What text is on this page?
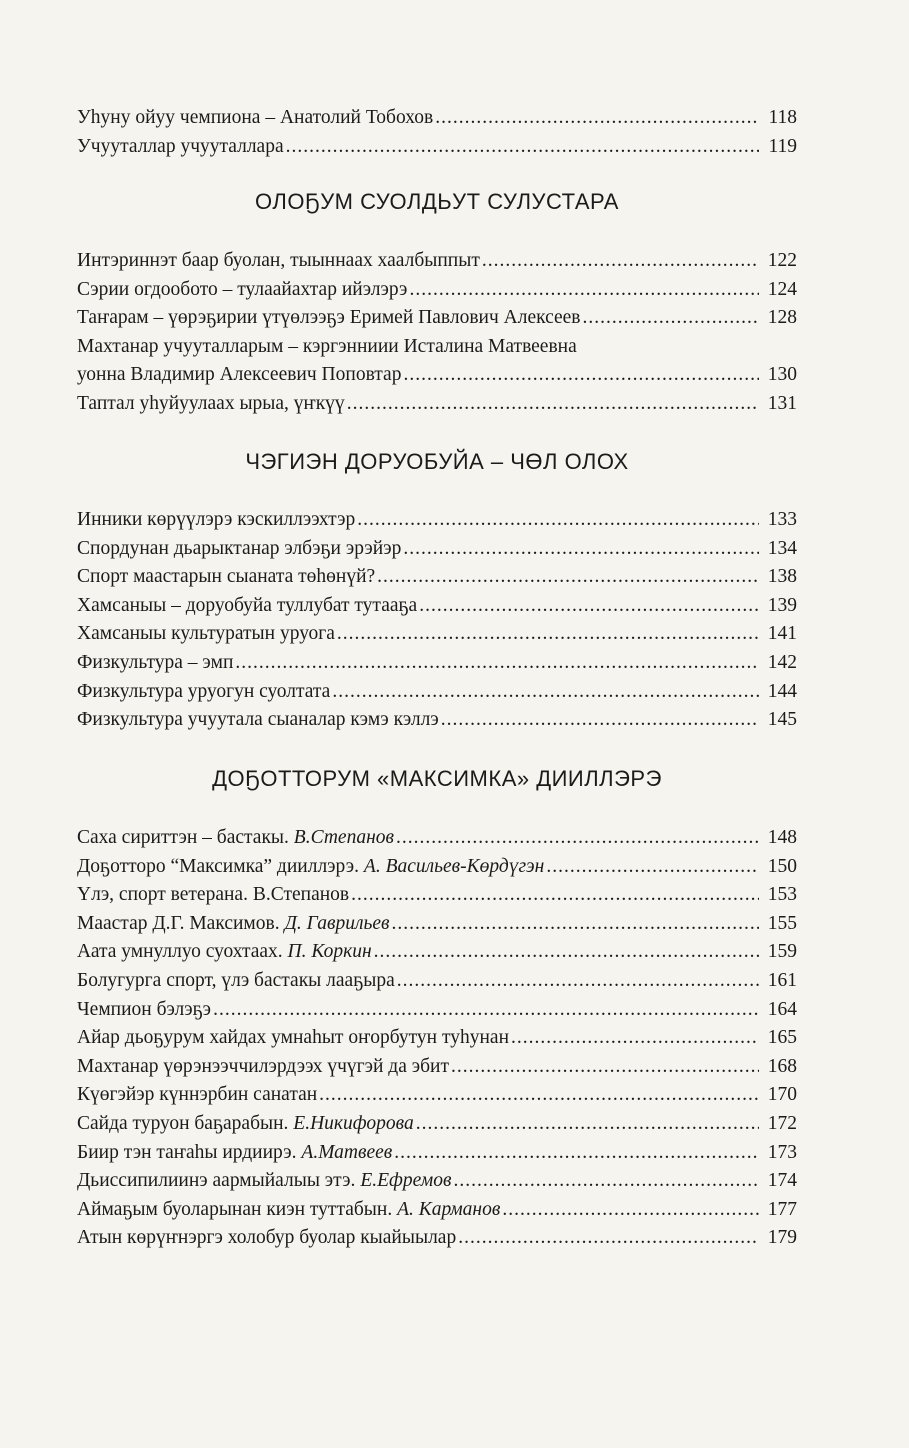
Уһуну ойуу чемпиона – Анатолий Тобохов .....	118
Учууталлар учууталлара .....	119
ОЛОҔУМ СУОЛДЬУТ СУЛУСТАРА
Интэриннэт баар буолан, тыыннаах хаалбыппыт .....	122
Сэрии огдообото – тулаайахтар ийэлэрэ .....	124
Таҥарам – үөрэҕирии үтүөлээҕэ Еримей Павлович Алексеев .....	128
Махтанар учууталларым – кэргэнниии Исталина Матвеевна
уонна Владимир Алексеевич Поповтар .....	130
Таптал уһуйуулаах ырыа, үҥкүү .....	131
ЧЭГИЭН ДОРУОБУЙА – ЧӨЛ ОЛОХ
Инники көрүүлэрэ кэскиллээхтэр .....	133
Спордунан дьарыктанар элбэҕи эрэйэр .....	134
Спорт маастарын сыаната төһөнүй? .....	138
Хамсаныы – доруобуйа туллубат тутааҕа .....	139
Хамсаныы культуратын уруога .....	141
Физкультура – эмп .....	142
Физкультура уруогун суолтата .....	144
Физкультура учуутала сыаналар кэмэ кэллэ .....	145
ДОҔОТТОРУМ «МАКСИМКА» ДИИЛЛЭРЭ
Саха сириттэн – бастакы. В.Степанов .....	148
Доҕотторо “Максимка” дииллэрэ. А. Васильев-Көрдүгэн .....	150
Үлэ, спорт ветерана. В.Степанов .....	153
Маастар Д.Г. Максимов. Д. Гаврильев .....	155
Аата умнуллуо суохтаах. П. Коркин .....	159
Болугурга спорт, үлэ бастакы лааҕыра .....	161
Чемпион бэлэҕэ .....	164
Айар дьоҕурум хайдах умнаһыт оҥорбутун туһунан .....	165
Махтанар үөрэнээччилэрдээх үчүгэй да эбит .....	168
Күөгэйэр күннэрбин санатан .....	170
Сайда туруон баҕарабын. Е.Никифорова .....	172
Биир тэн таҥаһы ирдиирэ. А.Матвеев .....	173
Дьиссипилиинэ аармыйалыы этэ. Е.Ефремов .....	174
Аймаҕым буоларынан киэн туттабын. А. Карманов .....	177
Атын көрүҥнэргэ холобур буолар кыайыылар .....	179
